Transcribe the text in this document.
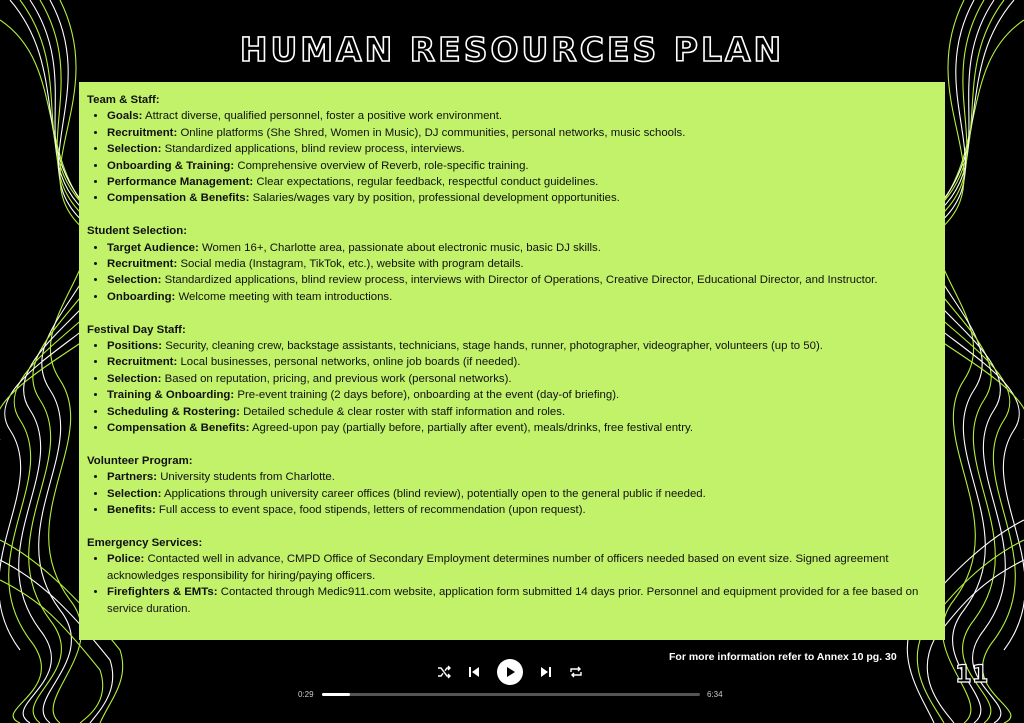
HUMAN RESOURCES PLAN
Team & Staff:
• Goals: Attract diverse, qualified personnel, foster a positive work environment.
• Recruitment: Online platforms (She Shred, Women in Music), DJ communities, personal networks, music schools.
• Selection: Standardized applications, blind review process, interviews.
• Onboarding & Training: Comprehensive overview of Reverb, role-specific training.
• Performance Management: Clear expectations, regular feedback, respectful conduct guidelines.
• Compensation & Benefits: Salaries/wages vary by position, professional development opportunities.
Student Selection:
• Target Audience: Women 16+, Charlotte area, passionate about electronic music, basic DJ skills.
• Recruitment: Social media (Instagram, TikTok, etc.), website with program details.
• Selection: Standardized applications, blind review process, interviews with Director of Operations, Creative Director, Educational Director, and Instructor.
• Onboarding: Welcome meeting with team introductions.
Festival Day Staff:
• Positions: Security, cleaning crew, backstage assistants, technicians, stage hands, runner, photographer, videographer, volunteers (up to 50).
• Recruitment: Local businesses, personal networks, online job boards (if needed).
• Selection: Based on reputation, pricing, and previous work (personal networks).
• Training & Onboarding: Pre-event training (2 days before), onboarding at the event (day-of briefing).
• Scheduling & Rostering: Detailed schedule & clear roster with staff information and roles.
• Compensation & Benefits: Agreed-upon pay (partially before, partially after event), meals/drinks, free festival entry.
Volunteer Program:
• Partners: University students from Charlotte.
• Selection: Applications through university career offices (blind review), potentially open to the general public if needed.
• Benefits: Full access to event space, food stipends, letters of recommendation (upon request).
Emergency Services:
• Police: Contacted well in advance, CMPD Office of Secondary Employment determines number of officers needed based on event size. Signed agreement acknowledges responsibility for hiring/paying officers.
• Firefighters & EMTs: Contacted through Medic911.com website, application form submitted 14 days prior. Personnel and equipment provided for a fee based on service duration.
For more information refer to Annex 10 pg. 30
11
0:29	6:34
